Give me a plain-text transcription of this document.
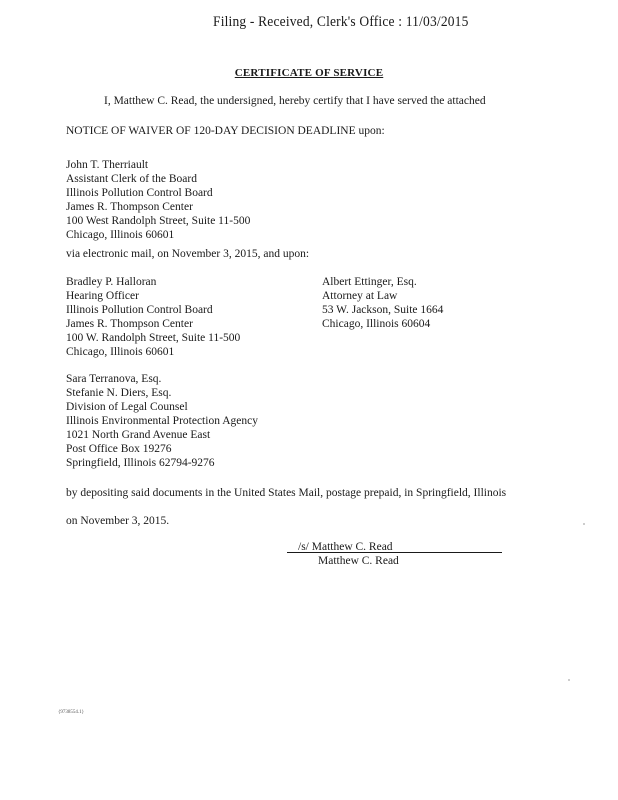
Filing - Received, Clerk's Office : 11/03/2015
CERTIFICATE OF SERVICE
I, Matthew C. Read, the undersigned, hereby certify that I have served the attached
NOTICE OF WAIVER OF 120-DAY DECISION DEADLINE upon:
John T. Therriault
Assistant Clerk of the Board
Illinois Pollution Control Board
James R. Thompson Center
100 West Randolph Street, Suite 11-500
Chicago, Illinois 60601
via electronic mail, on November 3, 2015, and upon:
Bradley P. Halloran
Hearing Officer
Illinois Pollution Control Board
James R. Thompson Center
100 W. Randolph Street, Suite 11-500
Chicago, Illinois 60601
Albert Ettinger, Esq.
Attorney at Law
53 W. Jackson, Suite 1664
Chicago, Illinois 60604
Sara Terranova, Esq.
Stefanie N. Diers, Esq.
Division of Legal Counsel
Illinois Environmental Protection Agency
1021 North Grand Avenue East
Post Office Box 19276
Springfield, Illinois 62794-9276
by depositing said documents in the United States Mail, postage prepaid, in Springfield, Illinois
on November 3, 2015.
/s/ Matthew C. Read
Matthew C. Read
{9738554.1}
